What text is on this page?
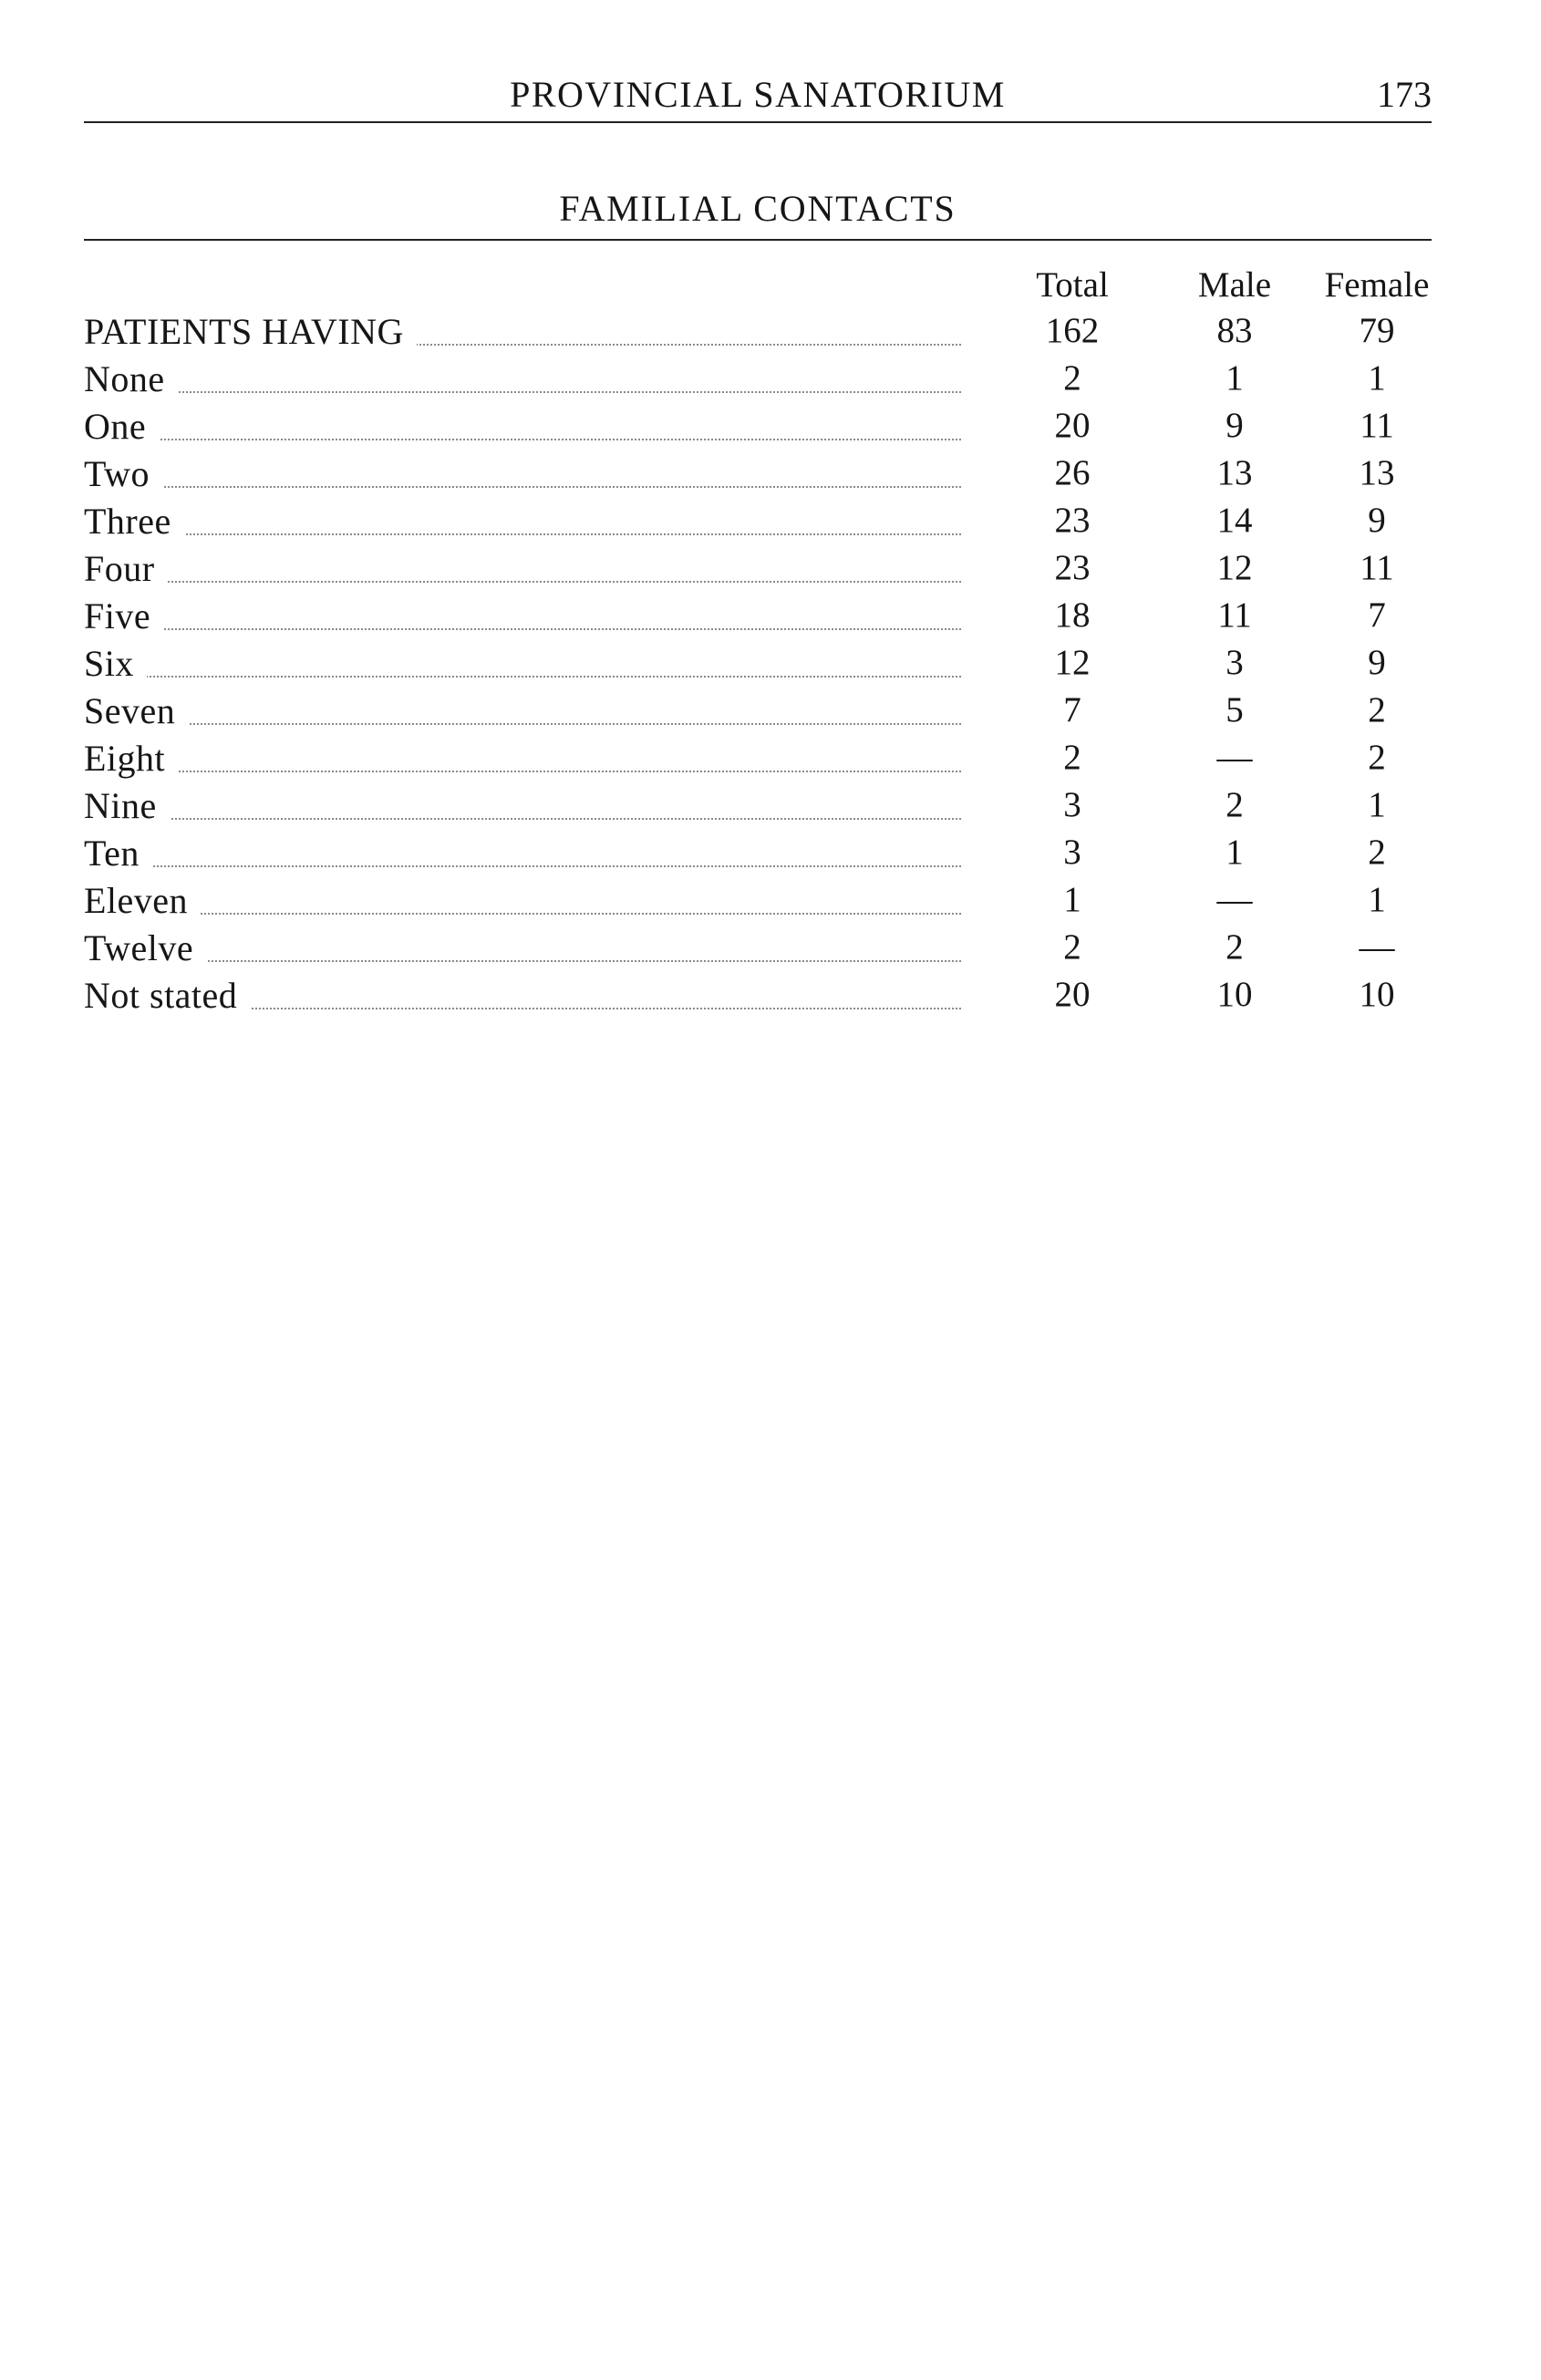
PROVINCIAL SANATORIUM	173
FAMILIAL CONTACTS
Total	Male	Female
PATIENTS HAVING	162	83	79
None	2	1	1
One	20	9	11
Two	26	13	13
Three	23	14	9
Four	23	12	11
Five	18	11	7
Six	12	3	9
Seven	7	5	2
Eight	2	—	2
Nine	3	2	1
Ten	3	1	2
Eleven	1	—	1
Twelve	2	2	—
Not stated	20	10	10
